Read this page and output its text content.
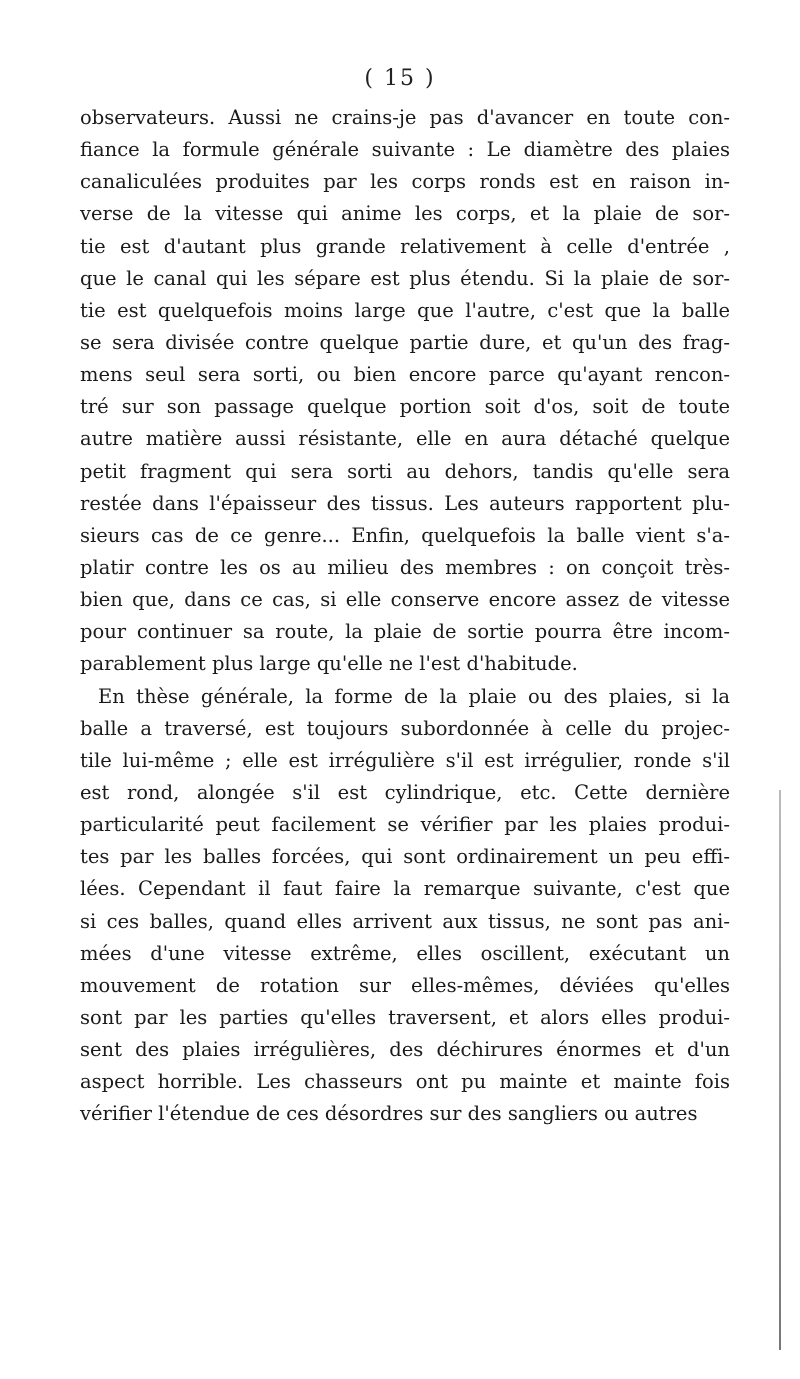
( 15 )
observateurs. Aussi ne crains-je pas d'avancer en toute con-
fiance la formule générale suivante : Le diamètre des plaies
canaliculées produites par les corps ronds est en raison in-
verse de la vitesse qui anime les corps, et la plaie de sor-
tie est d'autant plus grande relativement à celle d'entrée ,
que le canal qui les sépare est plus étendu. Si la plaie de sor-
tie est quelquefois moins large que l'autre, c'est que la balle
se sera divisée contre quelque partie dure, et qu'un des frag-
mens seul sera sorti, ou bien encore parce qu'ayant rencon-
tré sur son passage quelque portion soit d'os, soit de toute
autre matière aussi résistante, elle en aura détaché quelque
petit fragment qui sera sorti au dehors, tandis qu'elle sera
restée dans l'épaisseur des tissus. Les auteurs rapportent plu-
sieurs cas de ce genre... Enfin, quelquefois la balle vient s'a-
platir contre les os au milieu des membres : on conçoit très-
bien que, dans ce cas, si elle conserve encore assez de vitesse
pour continuer sa route, la plaie de sortie pourra être incom-
parablement plus large qu'elle ne l'est d'habitude.
En thèse générale, la forme de la plaie ou des plaies, si la
balle a traversé, est toujours subordonnée à celle du projec-
tile lui-même ; elle est irrégulière s'il est irrégulier, ronde s'il
est rond, alongée s'il est cylindrique, etc. Cette dernière
particularité peut facilement se vérifier par les plaies produi-
tes par les balles forcées, qui sont ordinairement un peu effi-
lées. Cependant il faut faire la remarque suivante, c'est que
si ces balles, quand elles arrivent aux tissus, ne sont pas ani-
mées d'une vitesse extrême, elles oscillent, exécutant un
mouvement de rotation sur elles-mêmes, déviées qu'elles
sont par les parties qu'elles traversent, et alors elles produi-
sent des plaies irrégulières, des déchirures énormes et d'un
aspect horrible. Les chasseurs ont pu mainte et mainte fois
vérifier l'étendue de ces désordres sur des sangliers ou autres
